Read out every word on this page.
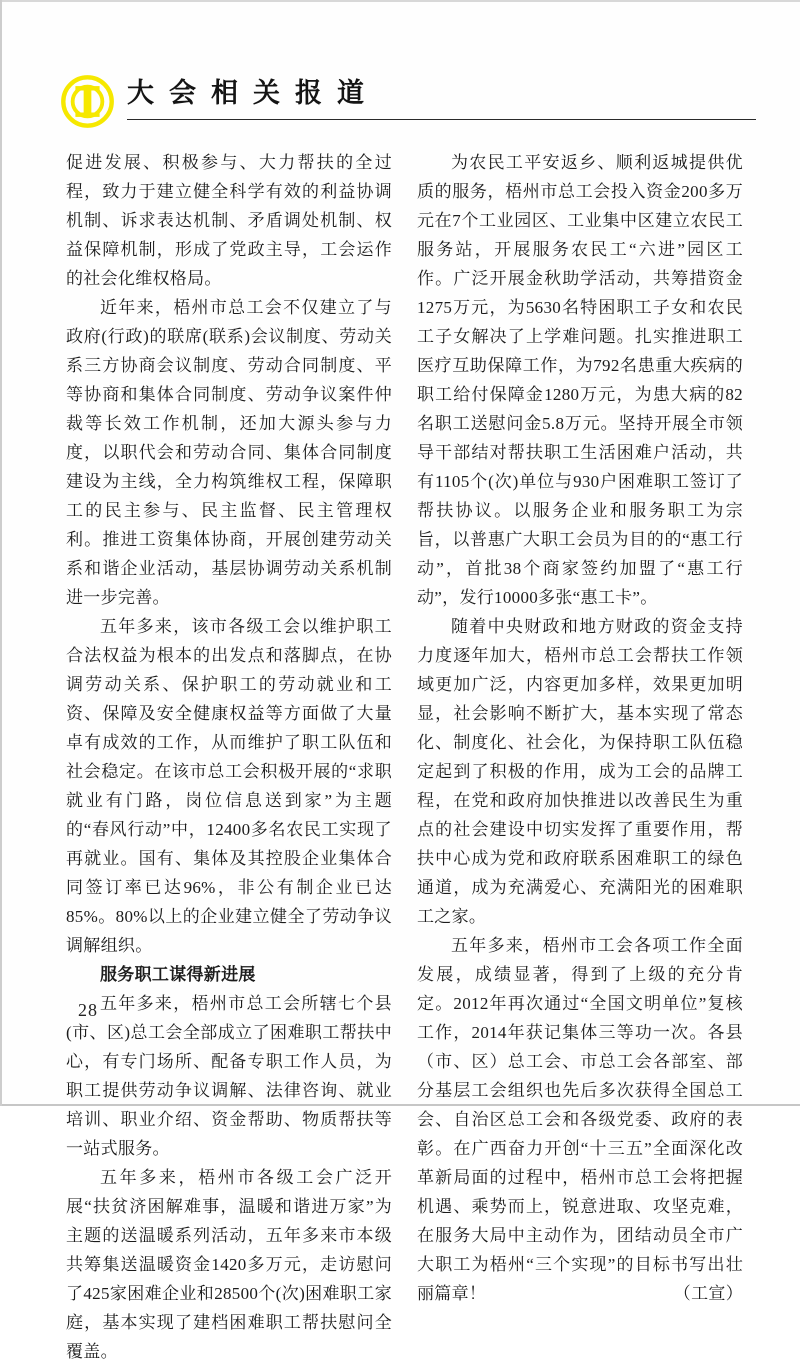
大会相关报道

促进发展、积极参与、大力帮扶的全过程，致力于建立健全科学有效的利益协调机制、诉求表达机制、矛盾调处机制、权益保障机制，形成了党政主导，工会运作的社会化维权格局。

近年来，梧州市总工会不仅建立了与政府(行政)的联席(联系)会议制度、劳动关系三方协商会议制度、劳动合同制度、平等协商和集体合同制度、劳动争议案件仲裁等长效工作机制，还加大源头参与力度，以职代会和劳动合同、集体合同制度建设为主线，全力构筑维权工程，保障职工的民主参与、民主监督、民主管理权利。推进工资集体协商，开展创建劳动关系和谐企业活动，基层协调劳动关系机制进一步完善。

五年多来，该市各级工会以维护职工合法权益为根本的出发点和落脚点，在协调劳动关系、保护职工的劳动就业和工资、保障及安全健康权益等方面做了大量卓有成效的工作，从而维护了职工队伍和社会稳定。在该市总工会积极开展的“求职就业有门路，岗位信息送到家”为主题的“春风行动”中，12400多名农民工实现了再就业。国有、集体及其控股企业集体合同签订率已达96%，非公有制企业已达85%。80%以上的企业建立健全了劳动争议调解组织。

服务职工谋得新进展

五年多来，梧州市总工会所辖七个县(市、区)总工会全部成立了困难职工帮扶中心，有专门场所、配备专职工作人员，为职工提供劳动争议调解、法律咨询、就业培训、职业介绍、资金帮助、物质帮扶等一站式服务。

五年多来，梧州市各级工会广泛开展“扶贫济困解难事，温暖和谐进万家”为主题的送温暖系列活动，五年多来市本级共筹集送温暖资金1420多万元，走访慰问了425家困难企业和28500个(次)困难职工家庭，基本实现了建档困难职工帮扶慰问全覆盖。

为农民工平安返乡、顺利返城提供优质的服务，梧州市总工会投入资金200多万元在7个工业园区、工业集中区建立农民工服务站，开展服务农民工“六进”园区工作。广泛开展金秋助学活动，共筹措资金1275万元，为5630名特困职工子女和农民工子女解决了上学难问题。扎实推进职工医疗互助保障工作，为792名患重大疾病的职工给付保障金1280万元，为患大病的82名职工送慰问金5.8万元。坚持开展全市领导干部结对帮扶职工生活困难户活动，共有1105个(次)单位与930户困难职工签订了帮扶协议。以服务企业和服务职工为宗旨，以普惠广大职工会员为目的的“惠工行动”，首批38个商家签约加盟了“惠工行动”，发行10000多张“惠工卡”。

随着中央财政和地方财政的资金支持力度逐年加大，梧州市总工会帮扶工作领域更加广泛，内容更加多样，效果更加明显，社会影响不断扩大，基本实现了常态化、制度化、社会化，为保持职工队伍稳定起到了积极的作用，成为工会的品牌工程，在党和政府加快推进以改善民生为重点的社会建设中切实发挥了重要作用，帮扶中心成为党和政府联系困难职工的绿色通道，成为充满爱心、充满阳光的困难职工之家。

五年多来，梧州市工会各项工作全面发展，成绩显著，得到了上级的充分肯定。2012年再次通过“全国文明单位”复核工作，2014年获记集体三等功一次。各县（市、区）总工会、市总工会各部室、部分基层工会组织也先后多次获得全国总工会、自治区总工会和各级党委、政府的表彰。在广西奋力开创“十三五”全面深化改革新局面的过程中，梧州市总工会将把握机遇、乘势而上，锐意进取、攻坚克难，在服务大局中主动作为，团结动员全市广大职工为梧州“三个实现”的目标书写出壮丽篇章！	（工宣）

28
